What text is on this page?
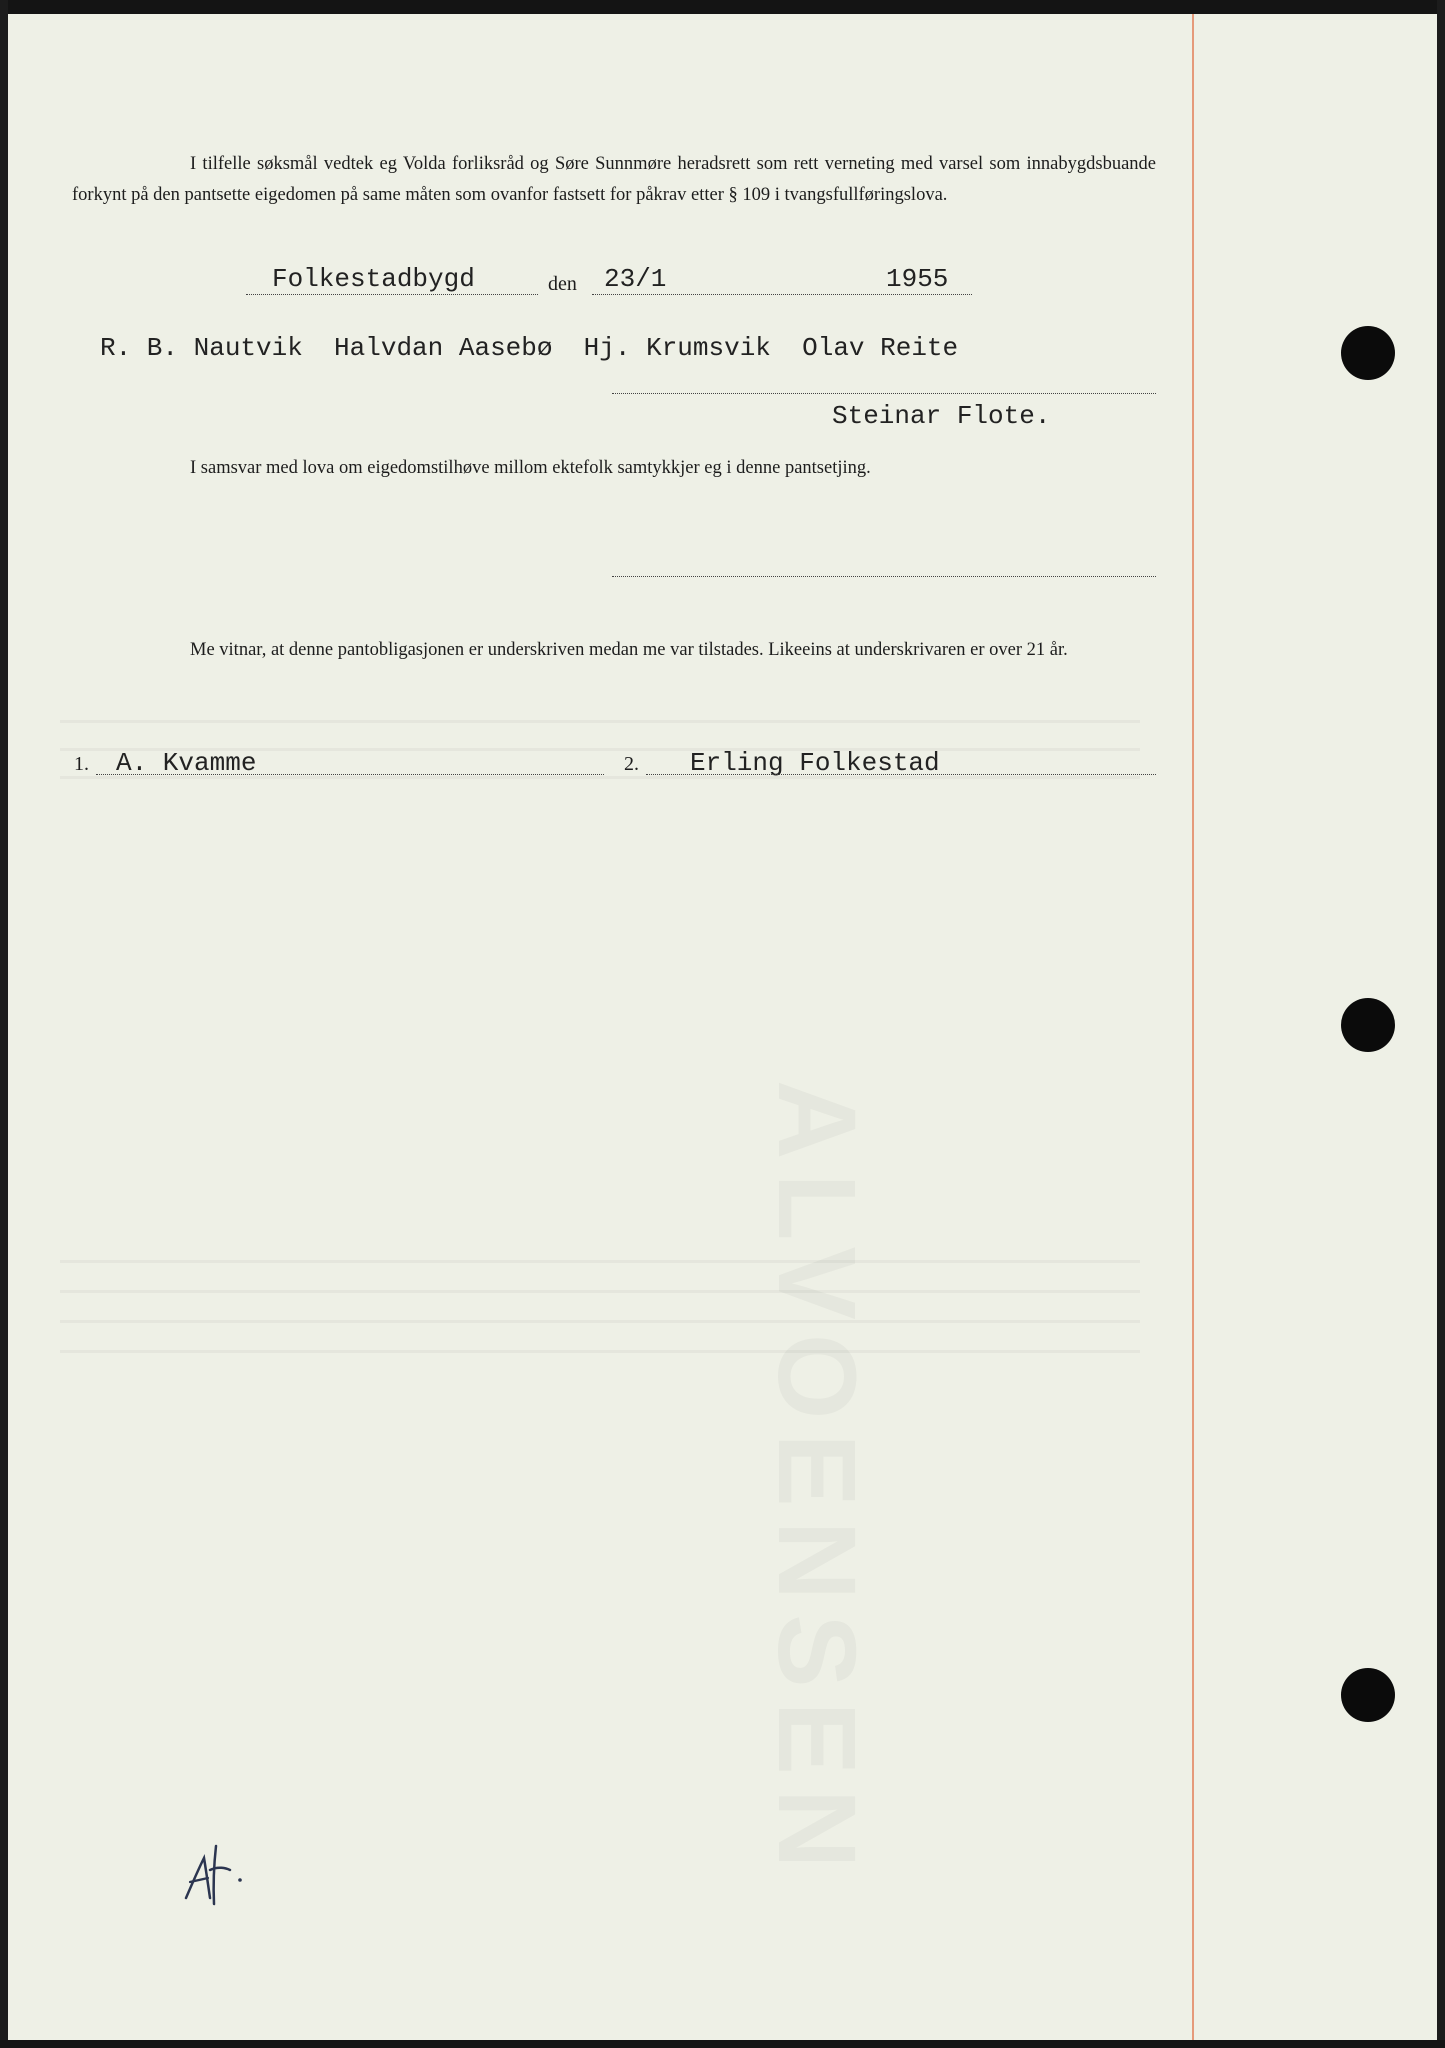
ALVOENSEN
I tilfelle søksmål vedtek eg Volda forliksråd og Søre Sunnmøre heradsrett som rett verneting med varsel som innabygdsbuande forkynt på den pantsette eigedomen på same måten som ovanfor fastsett for påkrav etter § 109 i tvangsfullføringslova.
Folkestadbygd	den 23/1	1955
R. B. Nautvik  Halvdan Aasebø  Hj. Krumsvik  Olav Reite
Steinar Flote.
I samsvar med lova om eigedomstilhøve millom ektefolk samtykkjer eg i denne pantsetjing.
Me vitnar, at denne pantobligasjonen er underskriven medan me var tilstades. Likeeins at underskrivaren er over 21 år.
1. A. Kvamme	2. Erling Folkestad
